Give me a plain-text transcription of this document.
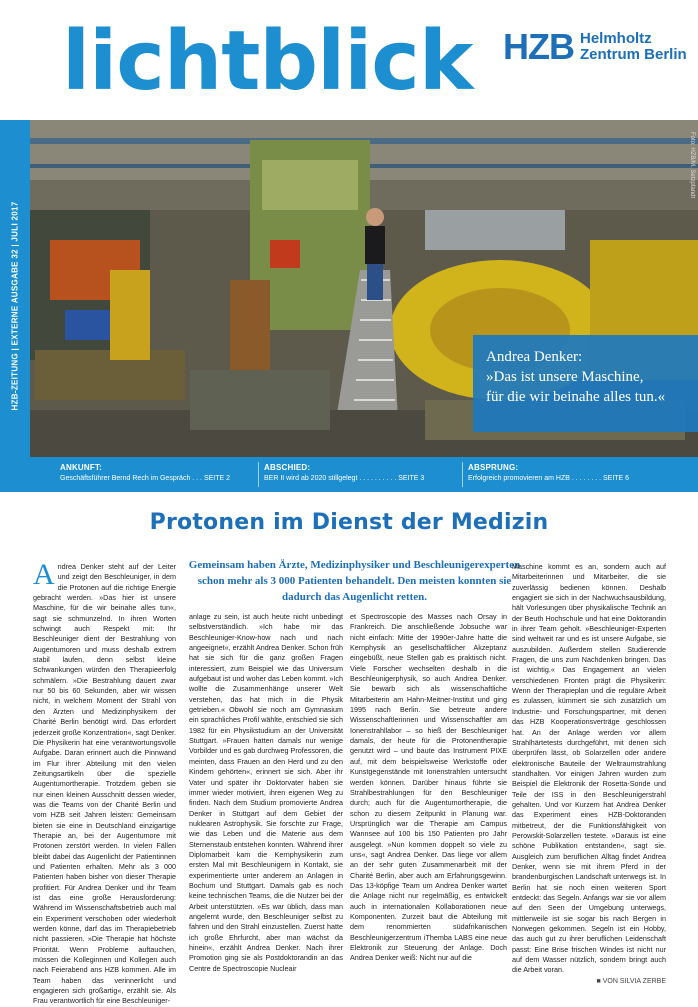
lichtblick HZB Helmholtz
Zentrum Berlin
HZB-ZEITUNG | EXTERNE AUSGABE 32 | JULI 2017	Andrea Denker:
»Das ist unsere Maschine,
für die wir beinahe alles tun.«
Foto: HZB/M. Setzpfandt
ANKUNFT:
Geschäftsführer Bernd Rech im Gespräch . . . SEITE 2
ABSCHIED:
BER II wird ab 2020 stillgelegt . . . . . . . . . . SEITE 3
ABSPRUNG:
Erfolgreich promovieren am HZB . . . . . . . . SEITE 6
Protonen im Dienst der Medizin

Andrea Denker steht auf der Leiter und zeigt den Beschleuniger, in dem die Protonen auf die richtige Energie gebracht werden. »Das hier ist unsere Maschine, für die wir beinahe alles tun«, sagt sie schmunzelnd. In ihren Worten schwingt auch Respekt mit: Ihr Beschleuniger dient der Bestrahlung von Augentumoren und muss deshalb extrem stabil laufen, denn selbst kleine Schwankungen würden den Therapieerfolg schmälern. »Die Bestrahlung dauert zwar nur 50 bis 60 Sekunden, aber wir wissen nicht, in welchem Moment der Strahl von den Ärzten und Medizinphysikern der Charité Berlin benötigt wird. Das erfordert jederzeit große Konzentration«, sagt Denker. Die Physikerin hat eine verantwortungsvolle Aufgabe. Daran erinnert auch die Pinnwand im Flur ihrer Abteilung mit den vielen Zeitungsartikeln über die spezielle Augentumortherapie. Trotzdem geben sie nur einen kleinen Ausschnitt dessen wieder, was die Teams von der Charité Berlin und vom HZB seit Jahren leisten: Gemeinsam bieten sie eine in Deutschland einzigartige Therapie an, bei der Augentumore mit Protonen zerstört werden. In vielen Fällen bleibt dabei das Augenlicht der Patientinnen und Patienten erhalten. Mehr als 3 000 Patienten haben bisher von dieser Therapie profitiert. Für Andrea Denker und ihr Team ist das eine große Herausforderung: Während im Wissenschaftsbetrieb auch mal ein Experiment verschoben oder wiederholt werden könne, darf das im Therapiebetrieb nicht passieren. »Die Therapie hat höchste Priorität. Wenn Probleme auftauchen, müssen die Kolleginnen und Kollegen auch nach Feierabend ans HZB kommen. Alle im Team haben das verinnerlicht und engagieren sich großartig«, erzählt sie. Als Frau verantwortlich für eine Beschleuniger-

Gemeinsam haben Ärzte, Medizinphysiker und Beschleunigerexperten schon mehr als 3 000 Patienten behandelt. Den meisten konnten sie dadurch das Augenlicht retten.

anlage zu sein, ist auch heute nicht unbedingt selbstverständlich. »Ich habe mir das Beschleuniger-Know-how nach und nach angeeignet«, erzählt Andrea Denker. Schon früh hat sie sich für die ganz großen Fragen interessiert, zum Beispiel wie das Universum aufgebaut ist und woher das Leben kommt. »Ich wollte die Zusammenhänge unserer Welt verstehen, das hat mich in die Physik getrieben.« Obwohl sie noch am Gymnasium ein sprachliches Profil wählte, entschied sie sich 1982 für ein Physikstudium an der Universität Stuttgart. »Frauen hatten damals nur wenige Vorbilder und es gab durchweg Professoren, die meinten, dass Frauen an den Herd und zu den Kindern gehörten«, erinnert sie sich. Aber ihr Vater und später ihr Doktorvater haben sie immer wieder motiviert, ihren eigenen Weg zu finden. Nach dem Studium promovierte Andrea Denker in Stuttgart auf dem Gebiet der nuklearen Astrophysik. Sie forschte zur Frage, wie das Leben und die Materie aus dem Sternenstaub entstehen konnten. Während ihrer Diplomarbeit kam die Kernphysikerin zum ersten Mal mit Beschleunigern in Kontakt, sie experimentierte unter anderem an Anlagen in Bochum und Stuttgart. Damals gab es noch keine technischen Teams, die die Nutzer bei der Arbeit unterstützten. »Es war üblich, dass man angelernt wurde, den Beschleuniger selbst zu fahren und den Strahl einzustellen. Zuerst hatte ich große Ehrfurcht, aber man wächst da hinein«, erzählt Andrea Denker. Nach ihrer Promotion ging sie als Postdoktorandin an das Centre de Spectroscopie Nucleair

et Spectroscopie des Masses nach Orsay in Frankreich. Die anschließende Jobsuche war nicht einfach: Mitte der 1990er-Jahre hatte die Kernphysik an gesellschaftlicher Akzeptanz eingebüßt, neue Stellen gab es praktisch nicht. Viele Forscher wechselten deshalb in die Beschleunigerphysik, so auch Andrea Denker. Sie bewarb sich als wissenschaftliche Mitarbeiterin am Hahn-Meitner-Institut und ging 1995 nach Berlin. Sie betreute andere Wissenschaftlerinnen und Wissenschaftler am Ionenstrahllabor – so hieß der Beschleuniger damals, der heute für die Protonentherapie genutzt wird – und baute das Instrument PIXE auf, mit dem beispielsweise Werkstoffe oder Kunstgegenstände mit Ionenstrahlen untersucht werden können. Darüber hinaus führte sie Strahlbestrahlungen für den Beschleuniger durch; auch für die Augentumortherapie, die schon zu diesem Zeitpunkt in Planung war. Ursprünglich war die Therapie am Campus Wannsee auf 100 bis 150 Patienten pro Jahr ausgelegt. »Nun kommen doppelt so viele zu uns«, sagt Andrea Denker. Das liege vor allem an der sehr guten Zusammenarbeit mit der Charité Berlin, aber auch am Erfahrungsgewinn. Das 13-köpfige Team um Andrea Denker wartet die Anlage nicht nur regelmäßig, es entwickelt auch in internationalen Kollaborationen neue Komponenten. Zurzeit baut die Abteilung mit dem renommierten südafrikanischen Beschleunigerzentrum iThemba LABS eine neue Elektronik zur Steuerung der Anlage. Doch Andrea Denker weiß: Nicht nur auf die

Maschine kommt es an, sondern auch auf Mitarbeiterinnen und Mitarbeiter, die sie zuverlässig bedienen können. Deshalb engagiert sie sich in der Nachwuchsausbildung, hält Vorlesungen über physikalische Technik an der Beuth Hochschule und hat eine Doktorandin in ihrer Team geholt. »Beschleuniger-Experten sind weltweit rar und es ist unsere Aufgabe, sie auszubilden. Außerdem stellen Studierende Fragen, die uns zum Nachdenken bringen. Das ist wichtig.« Das Engagement an vielen verschiedenen Fronten prägt die Physikerin: Wenn der Therapieplan und die reguläre Arbeit es zulassen, kümmert sie sich zusätzlich um Industrie- und Forschungspartner, mit denen das HZB Kooperationsverträge geschlossen hat. An der Anlage werden vor allem Strahlhärtetests durchgeführt, mit denen sich überprüfen lässt, ob Solarzellen oder andere elektronische Bauteile der Weltraumstrahlung standhalten. Vor einigen Jahren wurden zum Beispiel die Elektronik der Rosetta-Sonde und Teile der ISS in den Beschleunigerstrahl gehalten. Und vor Kurzem hat Andrea Denker das Experiment eines HZB-Doktoranden mitbetreut, der die Funktionsfähigkeit von Perowskit-Solarzellen testete. »Daraus ist eine schöne Publikation entstanden«, sagt sie. Ausgleich zum beruflichen Alltag findet Andrea Denker, wenn sie mit ihrem Pferd in der brandenburgischen Landschaft unterwegs ist. In Berlin hat sie noch einen weiteren Sport entdeckt: das Segeln. Anfangs war sie vor allem auf den Seen der Umgebung unterwegs, mittlerweile ist sie sogar bis nach Bergen in Norwegen gekommen. Segeln ist ein Hobby, das auch gut zu ihrer beruflichen Leidenschaft passt: Eine Brise frischen Windes ist nicht nur auf dem Wasser nützlich, sondern bringt auch die Arbeit voran.

■ VON SILVIA ZERBE
